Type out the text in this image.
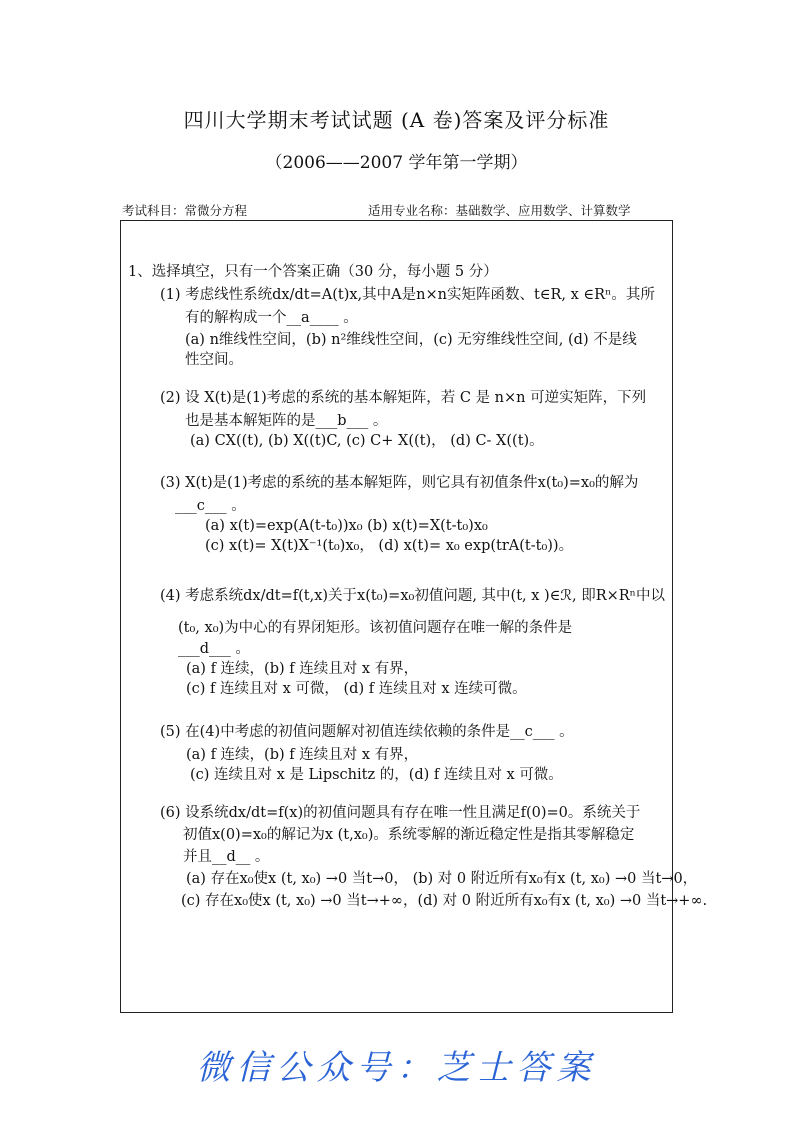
四川大学期末考试试题 (A 卷)答案及评分标准
（2006——2007 学年第一学期）
考试科目：常微分方程	适用专业名称：基础数学、应用数学、计算数学
1、选择填空，只有一个答案正确（30 分，每小题 5 分）
(1) 考虑线性系统dx/dt=A(t)x,其中A是n×n实矩阵函数、t∈R, x ∈Rⁿ。其所
有的解构成一个__a____ 。
(a) n维线性空间，(b) n²维线性空间，(c) 无穷维线性空间, (d) 不是线
性空间。
(2) 设 X(t)是(1)考虑的系统的基本解矩阵，若 C 是 n×n 可逆实矩阵，下列
也是基本解矩阵的是___b___ 。
(a) CX((t), (b) X((t)C, (c) C+ X((t)， (d) C- X((t)。
(3) X(t)是(1)考虑的系统的基本解矩阵，则它具有初值条件x(t₀)=x₀的解为
___c___ 。
(a) x(t)=exp(A(t-t₀))x₀ (b) x(t)=X(t-t₀)x₀
(c) x(t)= X(t)X⁻¹(t₀)x₀， (d) x(t)= x₀ exp(trA(t-t₀))。
(4) 考虑系统dx/dt=f(t,x)关于x(t₀)=x₀初值问题, 其中(t, x )∈ℛ, 即R×Rⁿ中以
(t₀, x₀)为中心的有界闭矩形。该初值问题存在唯一解的条件是
___d___ 。
(a) f 连续，(b) f 连续且对 x 有界，
(c) f 连续且对 x 可微， (d) f 连续且对 x 连续可微。
(5) 在(4)中考虑的初值问题解对初值连续依赖的条件是__c___ 。
(a) f 连续，(b) f 连续且对 x 有界，
(c) 连续且对 x 是 Lipschitz 的，(d) f 连续且对 x 可微。
(6) 设系统dx/dt=f(x)的初值问题具有存在唯一性且满足f(0)=0。系统关于
初值x(0)=x₀的解记为x (t,x₀)。系统零解的渐近稳定性是指其零解稳定
并且__d__ 。
(a) 存在x₀使x (t, x₀) →0 当t→0， (b) 对 0 附近所有x₀有x (t, x₀) →0 当t→0，
(c) 存在x₀使x (t, x₀) →0 当t→+∞，(d) 对 0 附近所有x₀有x (t, x₀) →0 当t→+∞.
微信公众号：芝士答案
